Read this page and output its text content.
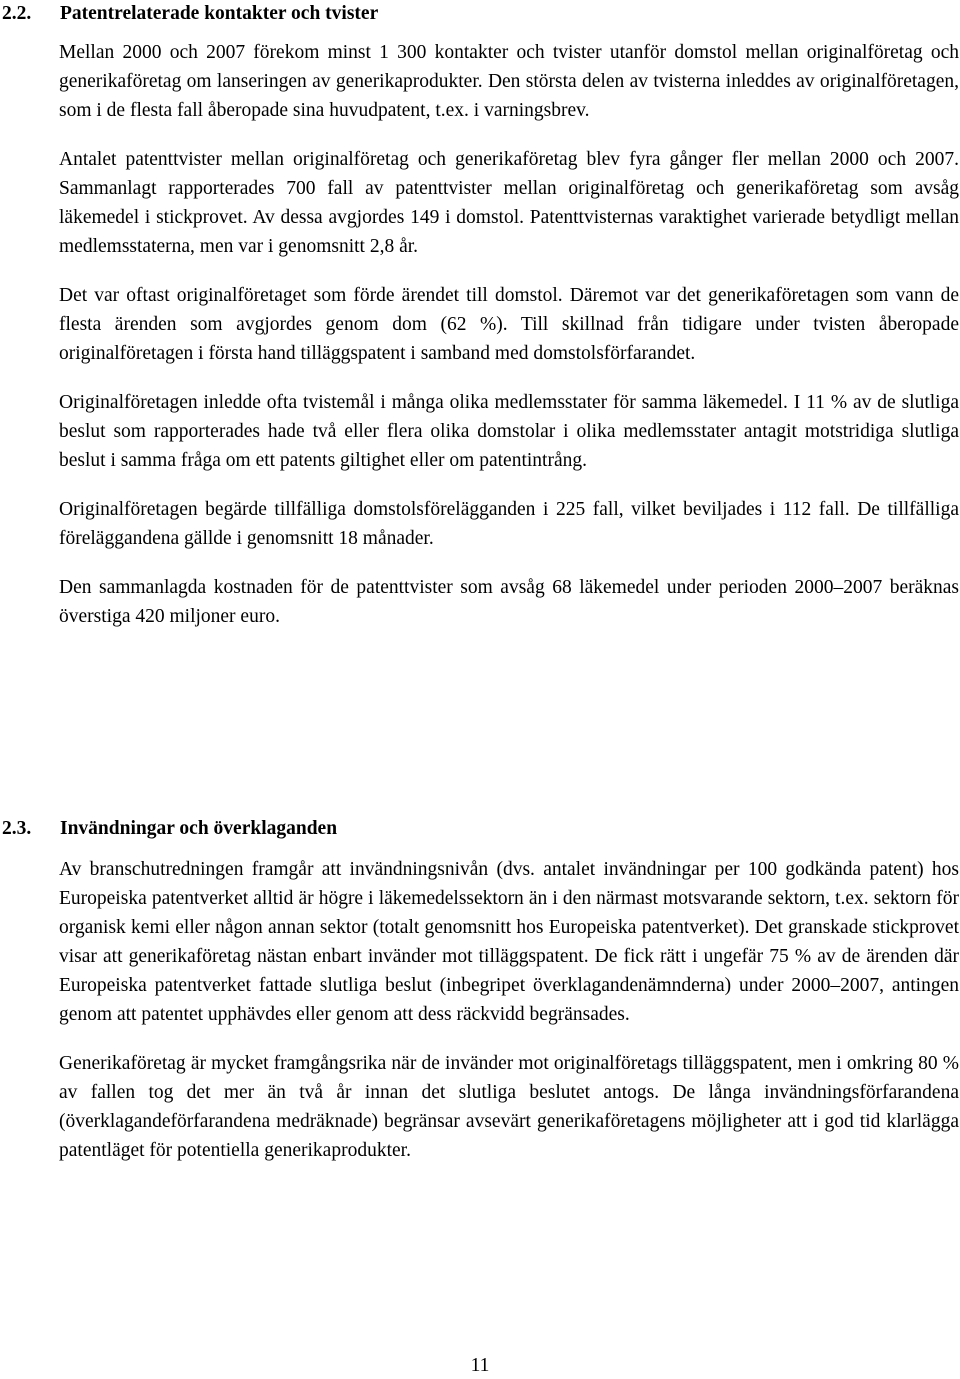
2.2. Patentrelaterade kontakter och tvister

Mellan 2000 och 2007 förekom minst 1 300 kontakter och tvister utanför domstol mellan originalföretag och generikaföretag om lanseringen av generikaprodukter. Den största delen av tvisterna inleddes av originalföretagen, som i de flesta fall åberopade sina huvudpatent, t.ex. i varningsbrev.

Antalet patenttvister mellan originalföretag och generikaföretag blev fyra gånger fler mellan 2000 och 2007. Sammanlagt rapporterades 700 fall av patenttvister mellan originalföretag och generikaföretag som avsåg läkemedel i stickprovet. Av dessa avgjordes 149 i domstol. Patenttvisternas varaktighet varierade betydligt mellan medlemsstaterna, men var i genomsnitt 2,8 år.

Det var oftast originalföretaget som förde ärendet till domstol. Däremot var det generikaföretagen som vann de flesta ärenden som avgjordes genom dom (62 %). Till skillnad från tidigare under tvisten åberopade originalföretagen i första hand tilläggspatent i samband med domstolsförfarandet.

Originalföretagen inledde ofta tvistemål i många olika medlemsstater för samma läkemedel. I 11 % av de slutliga beslut som rapporterades hade två eller flera olika domstolar i olika medlemsstater antagit motstridiga slutliga beslut i samma fråga om ett patents giltighet eller om patentintrång.

Originalföretagen begärde tillfälliga domstolsförelägganden i 225 fall, vilket beviljades i 112 fall. De tillfälliga föreläggandena gällde i genomsnitt 18 månader.

Den sammanlagda kostnaden för de patenttvister som avsåg 68 läkemedel under perioden 2000–2007 beräknas överstiga 420 miljoner euro.

2.3. Invändningar och överklaganden

Av branschutredningen framgår att invändningsnivån (dvs. antalet invändningar per 100 godkända patent) hos Europeiska patentverket alltid är högre i läkemedelssektorn än i den närmast motsvarande sektorn, t.ex. sektorn för organisk kemi eller någon annan sektor (totalt genomsnitt hos Europeiska patentverket). Det granskade stickprovet visar att generikaföretag nästan enbart invänder mot tilläggspatent. De fick rätt i ungefär 75 % av de ärenden där Europeiska patentverket fattade slutliga beslut (inbegripet överklagandenämnderna) under 2000–2007, antingen genom att patentet upphävdes eller genom att dess räckvidd begränsades.

Generikaföretag är mycket framgångsrika när de invänder mot originalföretags tilläggspatent, men i omkring 80 % av fallen tog det mer än två år innan det slutliga beslutet antogs. De långa invändningsförfarandena (överklagandeförfarandena medräknade) begränsar avsevärt generikaföretagens möjligheter att i god tid klarlägga patentläget för potentiella generikaprodukter.

11
